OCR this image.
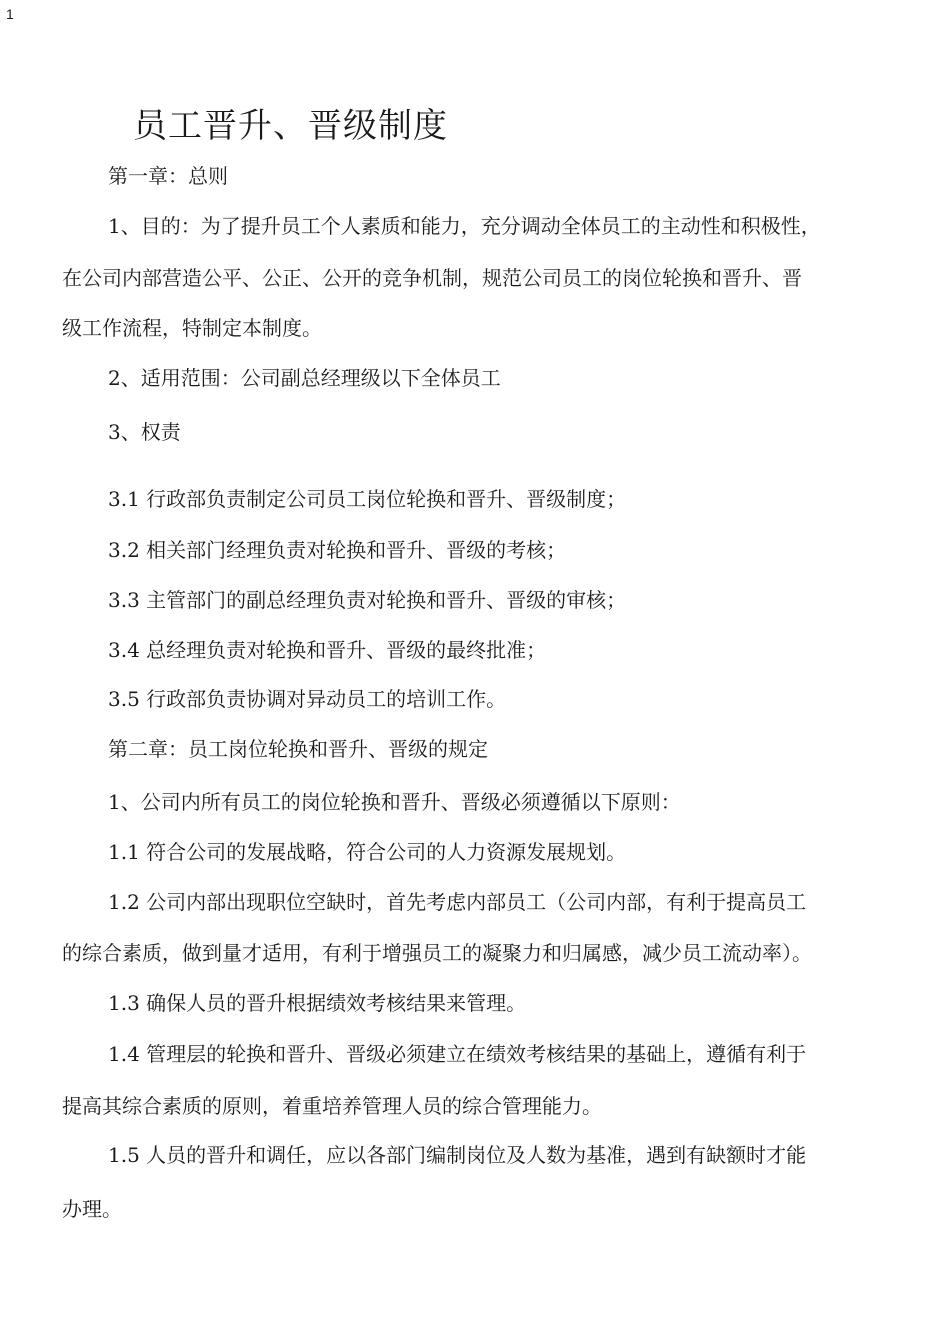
1
员工晋升、晋级制度
第一章：总则
1、目的：为了提升员工个人素质和能力，充分调动全体员工的主动性和积极性，
在公司内部营造公平、公正、公开的竞争机制，规范公司员工的岗位轮换和晋升、晋
级工作流程，特制定本制度。
2、适用范围：公司副总经理级以下全体员工
3、权责
3.1 行政部负责制定公司员工岗位轮换和晋升、晋级制度；
3.2 相关部门经理负责对轮换和晋升、晋级的考核；
3.3 主管部门的副总经理负责对轮换和晋升、晋级的审核；
3.4 总经理负责对轮换和晋升、晋级的最终批准；
3.5 行政部负责协调对异动员工的培训工作。
第二章：员工岗位轮换和晋升、晋级的规定
1、公司内所有员工的岗位轮换和晋升、晋级必须遵循以下原则：
1.1 符合公司的发展战略，符合公司的人力资源发展规划。
1.2 公司内部出现职位空缺时，首先考虑内部员工（公司内部，有利于提高员工
的综合素质，做到量才适用，有利于增强员工的凝聚力和归属感，减少员工流动率）。
1.3 确保人员的晋升根据绩效考核结果来管理。
1.4 管理层的轮换和晋升、晋级必须建立在绩效考核结果的基础上，遵循有利于
提高其综合素质的原则，着重培养管理人员的综合管理能力。
1.5 人员的晋升和调任，应以各部门编制岗位及人数为基准，遇到有缺额时才能
办理。
